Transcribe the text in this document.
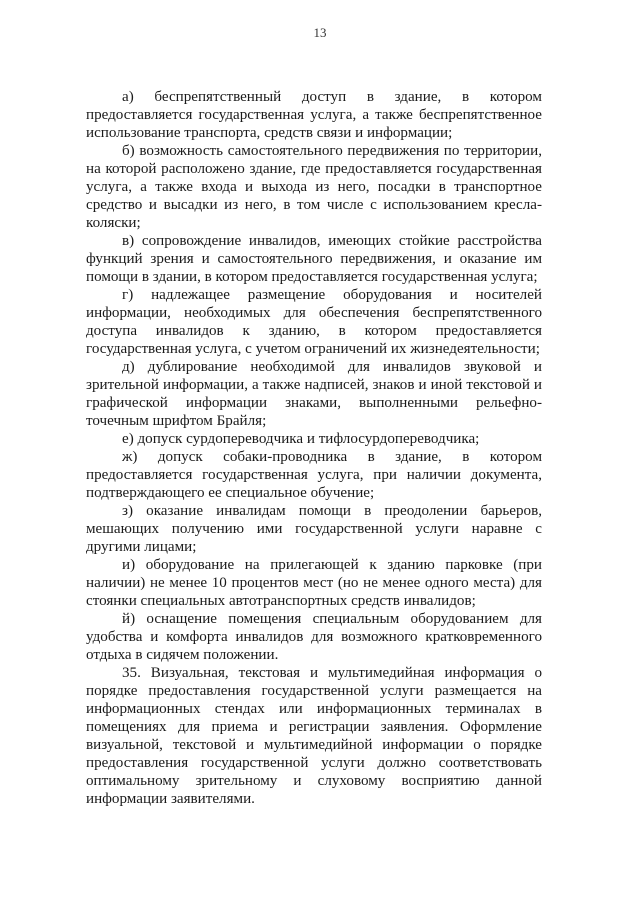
13

а) беспрепятственный доступ в здание, в котором предоставляется государственная услуга, а также беспрепятственное использование транспорта, средств связи и информации;

б) возможность самостоятельного передвижения по территории, на которой расположено здание, где предоставляется государственная услуга, а также входа и выхода из него, посадки в транспортное средство и высадки из него, в том числе с использованием кресла-коляски;

в) сопровождение инвалидов, имеющих стойкие расстройства функций зрения и самостоятельного передвижения, и оказание им помощи в здании, в котором предоставляется государственная услуга;

г) надлежащее размещение оборудования и носителей информации, необходимых для обеспечения беспрепятственного доступа инвалидов к зданию, в котором предоставляется государственная услуга, с учетом ограничений их жизнедеятельности;

д) дублирование необходимой для инвалидов звуковой и зрительной информации, а также надписей, знаков и иной текстовой и графической информации знаками, выполненными рельефно-точечным шрифтом Брайля;

е) допуск сурдопереводчика и тифлосурдопереводчика;

ж) допуск собаки-проводника в здание, в котором предоставляется государственная услуга, при наличии документа, подтверждающего ее специальное обучение;

з) оказание инвалидам помощи в преодолении барьеров, мешающих получению ими государственной услуги наравне с другими лицами;

и) оборудование на прилегающей к зданию парковке (при наличии) не менее 10 процентов мест (но не менее одного места) для стоянки специальных автотранспортных средств инвалидов;

й) оснащение помещения специальным оборудованием для удобства и комфорта инвалидов для возможного кратковременного отдыха в сидячем положении.

35. Визуальная, текстовая и мультимедийная информация о порядке предоставления государственной услуги размещается на информационных стендах или информационных терминалах в помещениях для приема и регистрации заявления. Оформление визуальной, текстовой и мультимедийной информации о порядке предоставления государственной услуги должно соответствовать оптимальному зрительному и слуховому восприятию данной информации заявителями.
